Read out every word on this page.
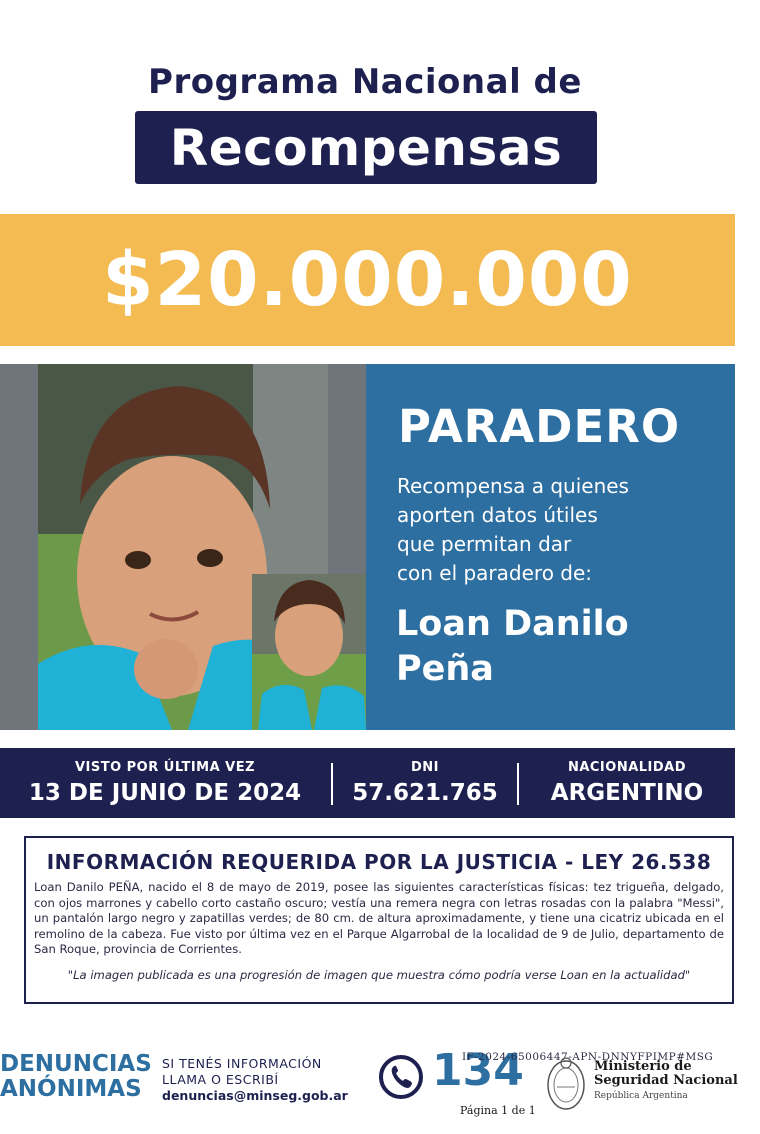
Programa Nacional de
Recompensas
$20.000.000
PARADERO
Recompensa a quienes
aporten datos útiles
que permitan dar
con el paradero de:
Loan Danilo
Peña
VISTO POR ÚLTIMA VEZ
13 DE JUNIO DE 2024
DNI
57.621.765
NACIONALIDAD
ARGENTINO
INFORMACIÓN REQUERIDA POR LA JUSTICIA - LEY 26.538
Loan Danilo PEÑA, nacido el 8 de mayo de 2019, posee las siguientes características físicas: tez trigueña, delgado, con ojos marrones y cabello corto castaño oscuro; vestía una remera negra con letras rosadas con la palabra "Messi", un pantalón largo negro y zapatillas verdes; de 80 cm. de altura aproximadamente, y tiene una cicatriz ubicada en el remolino de la cabeza. Fue visto por última vez en el Parque Algarrobal de la localidad de 9 de Julio, departamento de San Roque, provincia de Corrientes.
"La imagen publicada es una progresión de imagen que muestra cómo podría verse Loan en la actualidad"
DENUNCIAS
ANÓNIMAS
SI TENÉS INFORMACIÓN
LLAMA O ESCRIBÍ
denuncias@minseg.gob.ar 134
IF-2024-65006447-APN-DNNYFPIMP#MSG
Página 1 de 1
Ministerio de
Seguridad Nacional
República Argentina
